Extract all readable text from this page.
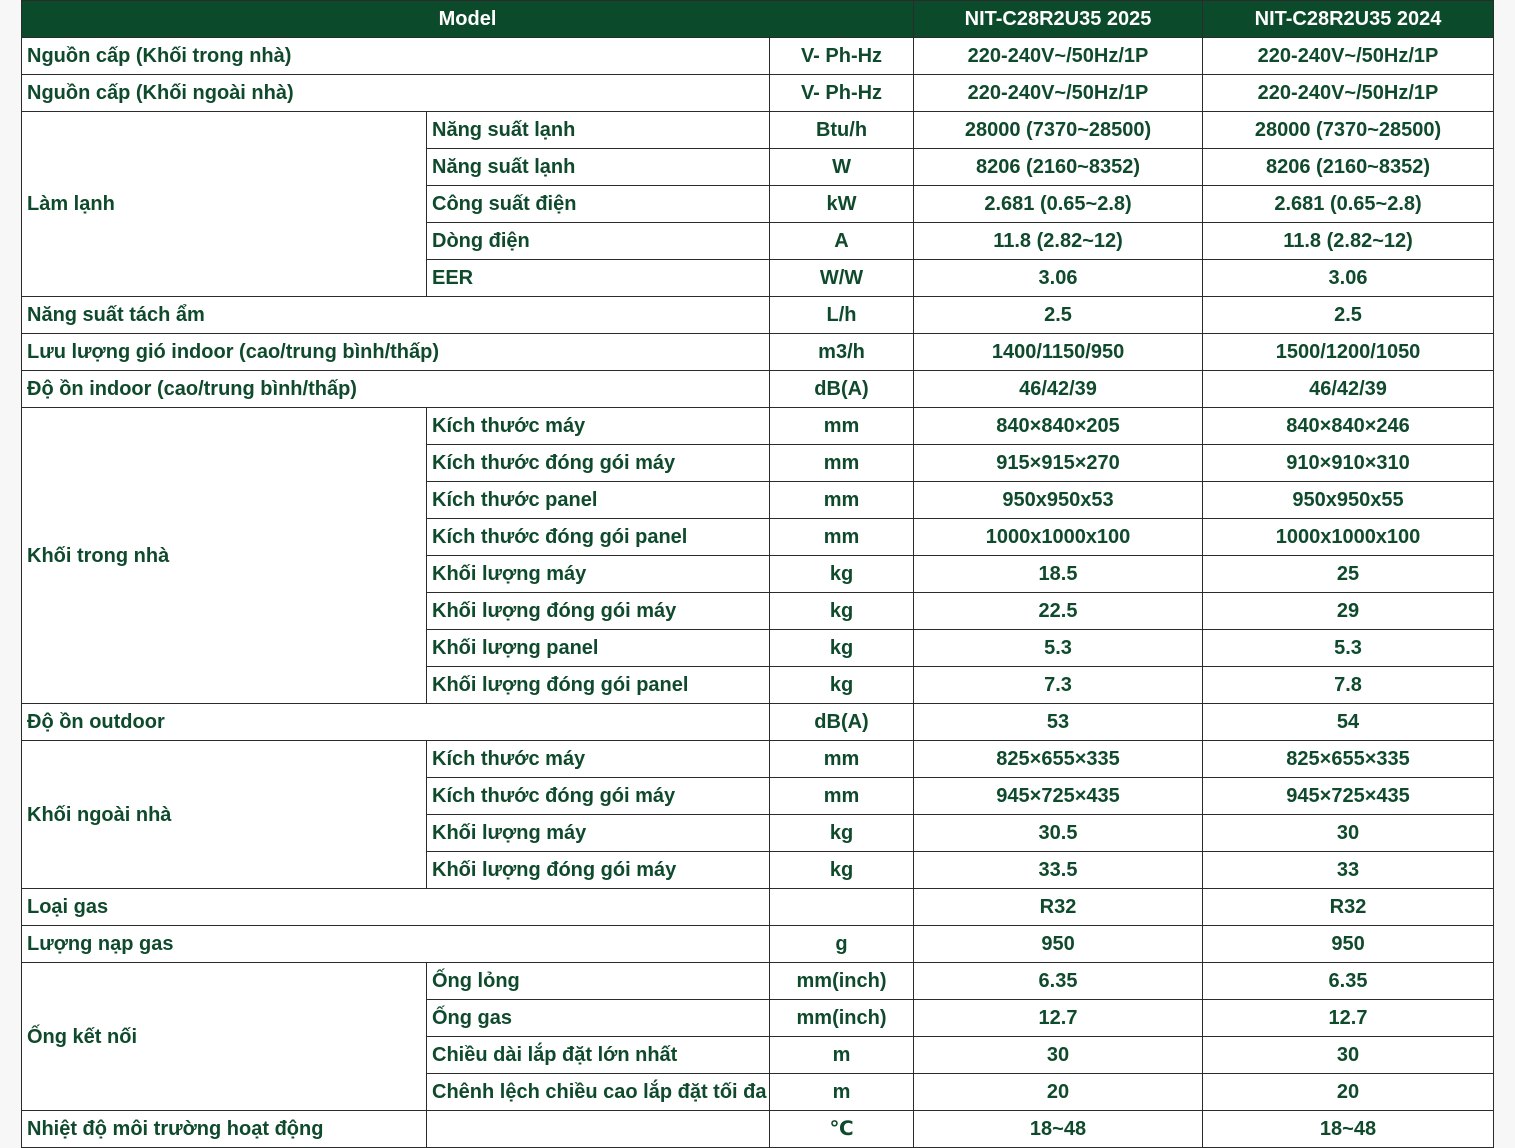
Model			NIT-C28R2U35 2025	NIT-C28R2U35 2024
Nguồn cấp (Khối trong nhà)		V- Ph-Hz	220-240V~/50Hz/1P	220-240V~/50Hz/1P
Nguồn cấp (Khối ngoài nhà)		V- Ph-Hz	220-240V~/50Hz/1P	220-240V~/50Hz/1P
Làm lạnh	Năng suất lạnh	Btu/h	28000 (7370~28500)	28000 (7370~28500)
	Năng suất lạnh	W	8206 (2160~8352)	8206 (2160~8352)
	Công suất điện	kW	2.681 (0.65~2.8)	2.681 (0.65~2.8)
	Dòng điện	A	11.8 (2.82~12)	11.8 (2.82~12)
	EER	W/W	3.06	3.06
Năng suất tách ẩm		L/h	2.5	2.5
Lưu lượng gió indoor (cao/trung bình/thấp)		m3/h	1400/1150/950	1500/1200/1050
Độ ồn indoor (cao/trung bình/thấp)		dB(A)	46/42/39	46/42/39
Khối trong nhà	Kích thước máy	mm	840×840×205	840×840×246
	Kích thước đóng gói máy	mm	915×915×270	910×910×310
	Kích thước panel	mm	950x950x53	950x950x55
	Kích thước đóng gói panel	mm	1000x1000x100	1000x1000x100
	Khối lượng máy	kg	18.5	25
	Khối lượng đóng gói máy	kg	22.5	29
	Khối lượng panel	kg	5.3	5.3
	Khối lượng đóng gói panel	kg	7.3	7.8
Độ ồn outdoor		dB(A)	53	54
Khối ngoài nhà	Kích thước máy	mm	825×655×335	825×655×335
	Kích thước đóng gói máy	mm	945×725×435	945×725×435
	Khối lượng máy	kg	30.5	30
	Khối lượng đóng gói máy	kg	33.5	33
Loại gas			R32	R32
Lượng nạp gas		g	950	950
Ống kết nối	Ống lỏng	mm(inch)	6.35	6.35
	Ống gas	mm(inch)	12.7	12.7
	Chiều dài lắp đặt lớn nhất	m	30	30
	Chênh lệch chiều cao lắp đặt tối đa	m	20	20
Nhiệt độ môi trường hoạt động		℃	18~48	18~48
